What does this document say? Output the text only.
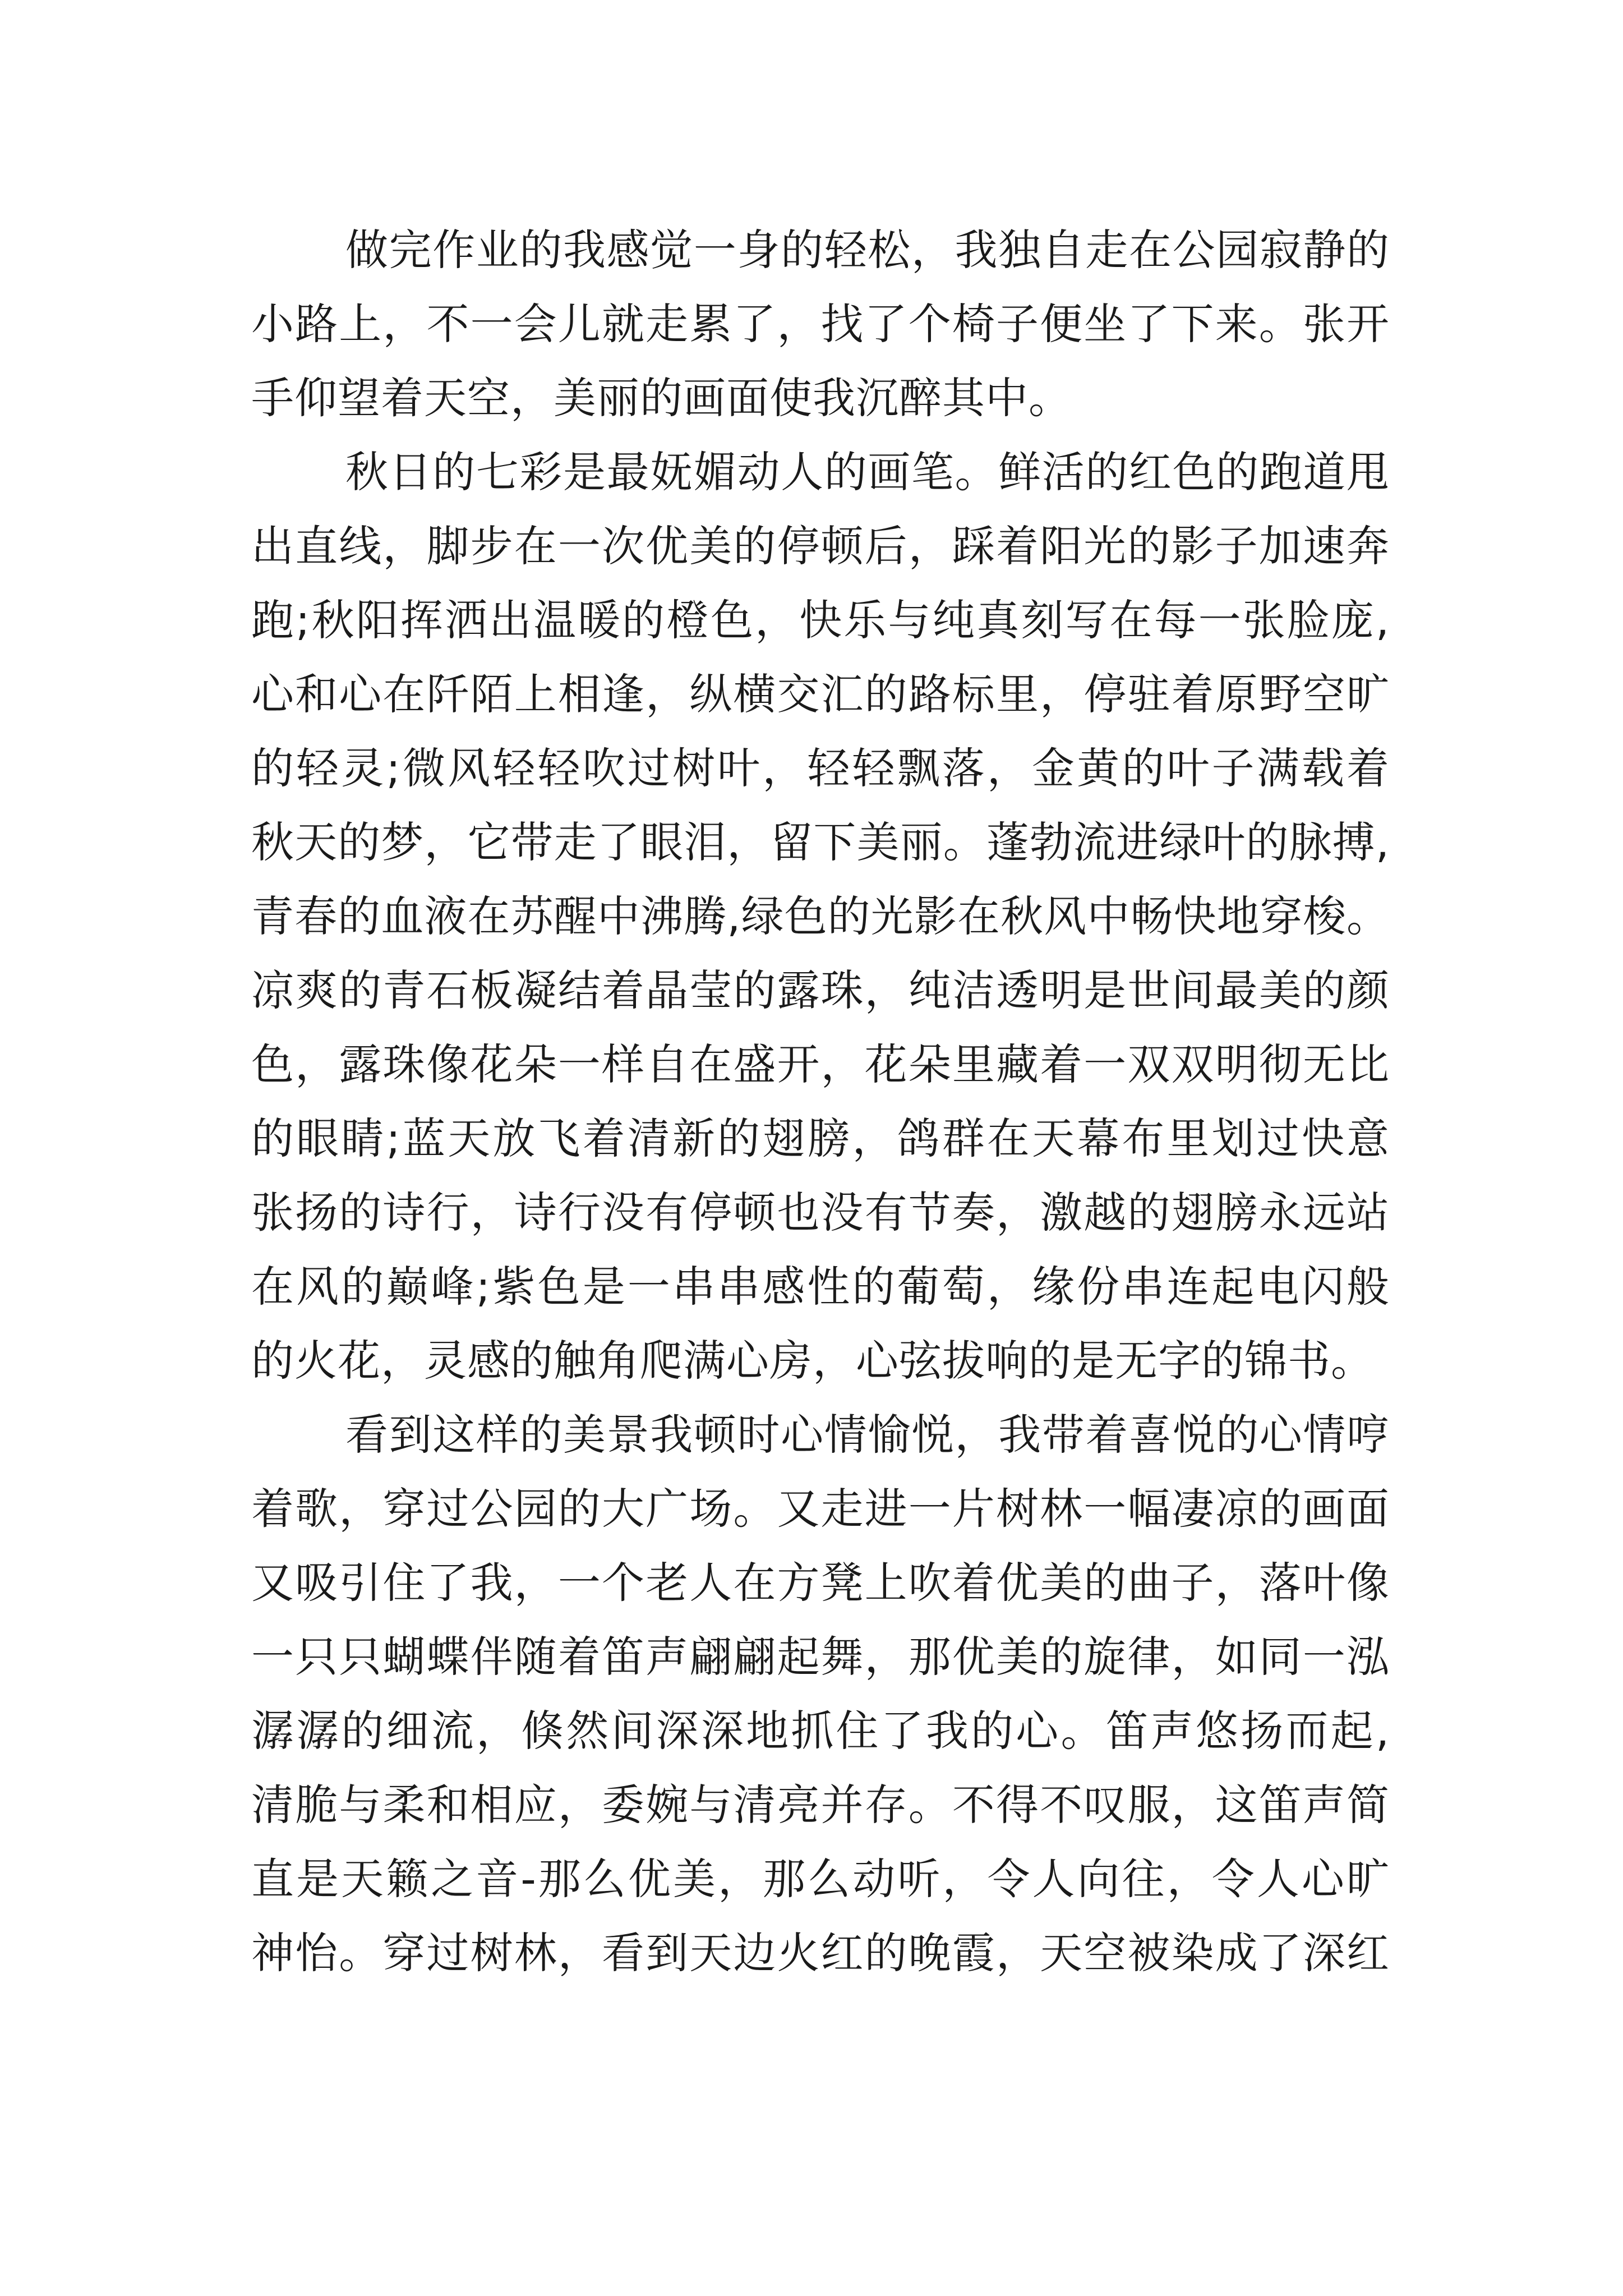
做完作业的我感觉一身的轻松，我独自走在公园寂静的
小路上，不一会儿就走累了，找了个椅子便坐了下来。张开
手仰望着天空，美丽的画面使我沉醉其中。
秋日的七彩是最妩媚动人的画笔。鲜活的红色的跑道甩
出直线，脚步在一次优美的停顿后，踩着阳光的影子加速奔
跑;秋阳挥洒出温暖的橙色，快乐与纯真刻写在每一张脸庞,
心和心在阡陌上相逢，纵横交汇的路标里，停驻着原野空旷
的轻灵;微风轻轻吹过树叶，轻轻飘落，金黄的叶子满载着
秋天的梦，它带走了眼泪，留下美丽。蓬勃流进绿叶的脉搏,
青春的血液在苏醒中沸腾,绿色的光影在秋风中畅快地穿梭。
凉爽的青石板凝结着晶莹的露珠，纯洁透明是世间最美的颜
色，露珠像花朵一样自在盛开，花朵里藏着一双双明彻无比
的眼睛;蓝天放飞着清新的翅膀，鸽群在天幕布里划过快意
张扬的诗行，诗行没有停顿也没有节奏，激越的翅膀永远站
在风的巅峰;紫色是一串串感性的葡萄，缘份串连起电闪般
的火花，灵感的触角爬满心房，心弦拔响的是无字的锦书。
看到这样的美景我顿时心情愉悦，我带着喜悦的心情哼
着歌，穿过公园的大广场。又走进一片树林一幅凄凉的画面
又吸引住了我，一个老人在方凳上吹着优美的曲子，落叶像
一只只蝴蝶伴随着笛声翩翩起舞，那优美的旋律，如同一泓
潺潺的细流，倏然间深深地抓住了我的心。笛声悠扬而起,
清脆与柔和相应，委婉与清亮并存。不得不叹服，这笛声简
直是天籁之音-那么优美，那么动听，令人向往，令人心旷
神怡。穿过树林，看到天边火红的晚霞，天空被染成了深红
